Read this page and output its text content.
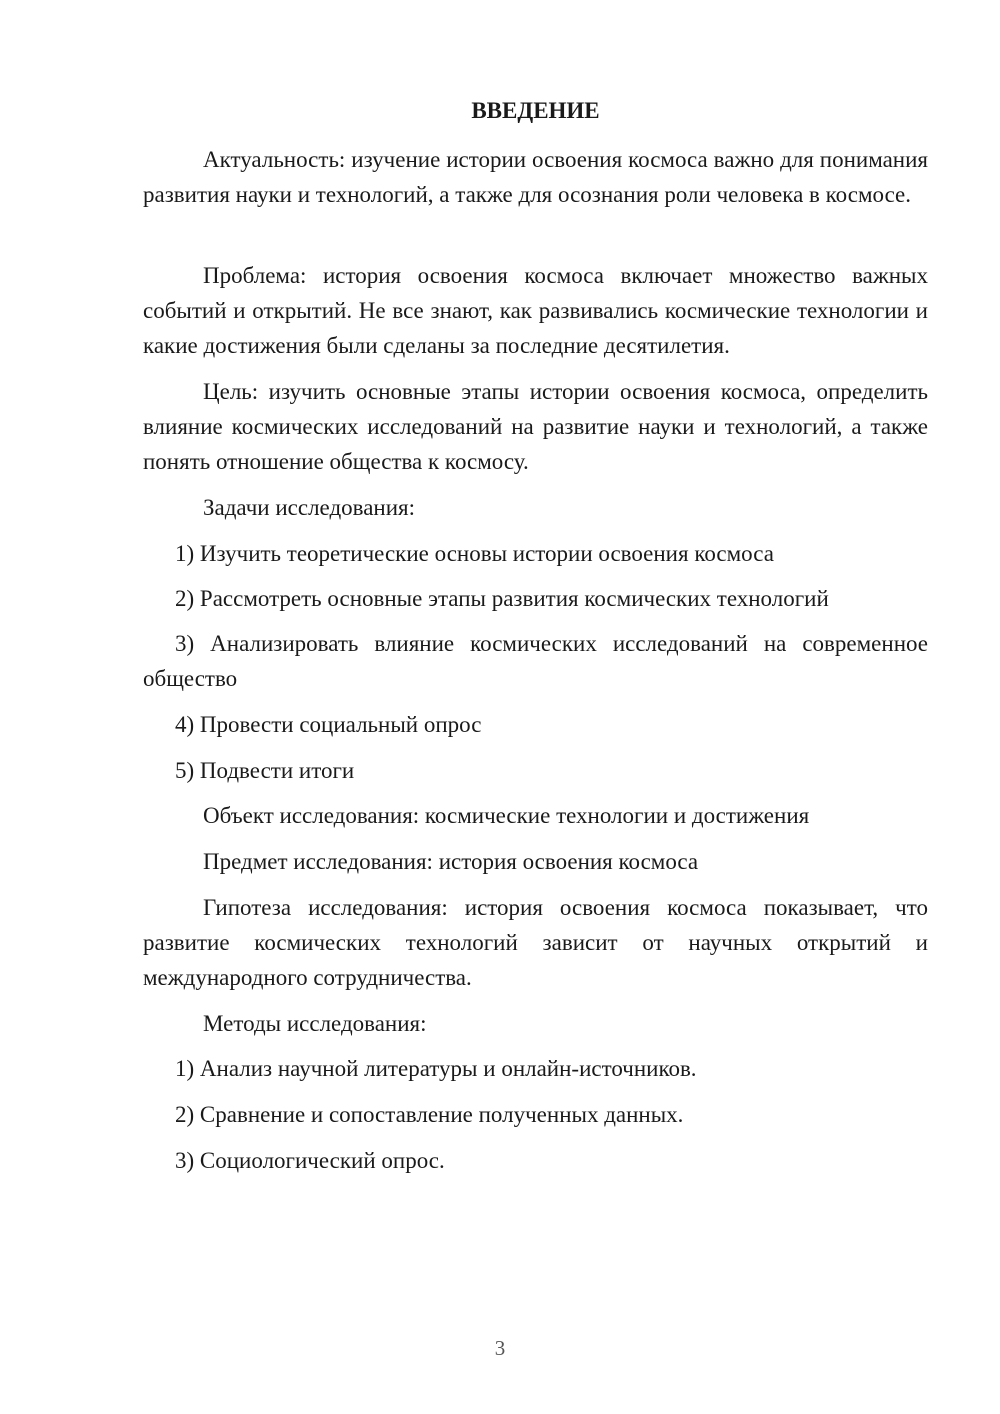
ВВЕДЕНИЕ

Актуальность: изучение истории освоения космоса важно для понимания развития науки и технологий, а также для осознания роли человека в космосе.

Проблема: история освоения космоса включает множество важных событий и открытий. Не все знают, как развивались космические технологии и какие достижения были сделаны за последние десятилетия.

Цель: изучить основные этапы истории освоения космоса, определить влияние космических исследований на развитие науки и технологий, а также понять отношение общества к космосу.

Задачи исследования:

1) Изучить теоретические основы истории освоения космоса

2) Рассмотреть основные этапы развития космических технологий

3) Анализировать влияние космических исследований на современное общество

4) Провести социальный опрос

5) Подвести итоги

Объект исследования: космические технологии и достижения

Предмет исследования: история освоения космоса

Гипотеза исследования: история освоения космоса показывает, что развитие космических технологий зависит от научных открытий и международного сотрудничества.

Методы исследования:

1) Анализ научной литературы и онлайн-источников.

2) Сравнение и сопоставление полученных данных.

3) Социологический опрос.

3
